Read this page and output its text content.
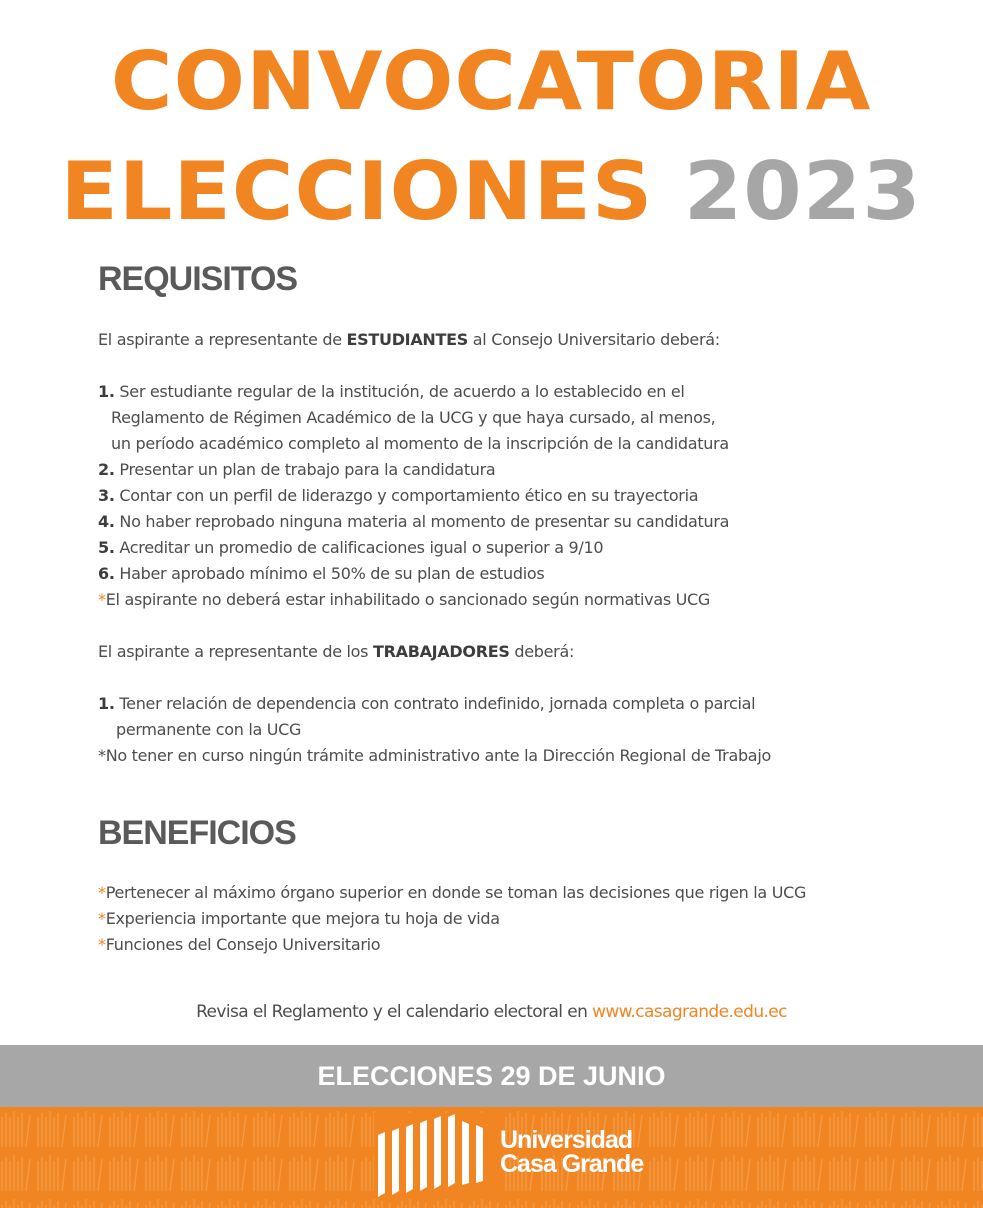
CONVOCATORIA
ELECCIONES 2023
REQUISITOS

El aspirante a representante de ESTUDIANTES al Consejo Universitario deberá:

1. Ser estudiante regular de la institución, de acuerdo a lo establecido en el

Reglamento de Régimen Académico de la UCG y que haya cursado, al menos,

un período académico completo al momento de la inscripción de la candidatura

2. Presentar un plan de trabajo para la candidatura

3. Contar con un perfil de liderazgo y comportamiento ético en su trayectoria

4. No haber reprobado ninguna materia al momento de presentar su candidatura

5. Acreditar un promedio de calificaciones igual o superior a 9/10

6. Haber aprobado mínimo el 50% de su plan de estudios

*El aspirante no deberá estar inhabilitado o sancionado según normativas UCG

El aspirante a representante de los TRABAJADORES deberá:

1. Tener relación de dependencia con contrato indefinido, jornada completa o parcial

permanente con la UCG

*No tener en curso ningún trámite administrativo ante la Dirección Regional de Trabajo

BENEFICIOS

*Pertenecer al máximo órgano superior en donde se toman las decisiones que rigen la UCG

*Experiencia importante que mejora tu hoja de vida

*Funciones del Consejo Universitario

Revisa el Reglamento y el calendario electoral en www.casagrande.edu.ec
ELECCIONES 29 DE JUNIO
Universidad
Casa Grande
